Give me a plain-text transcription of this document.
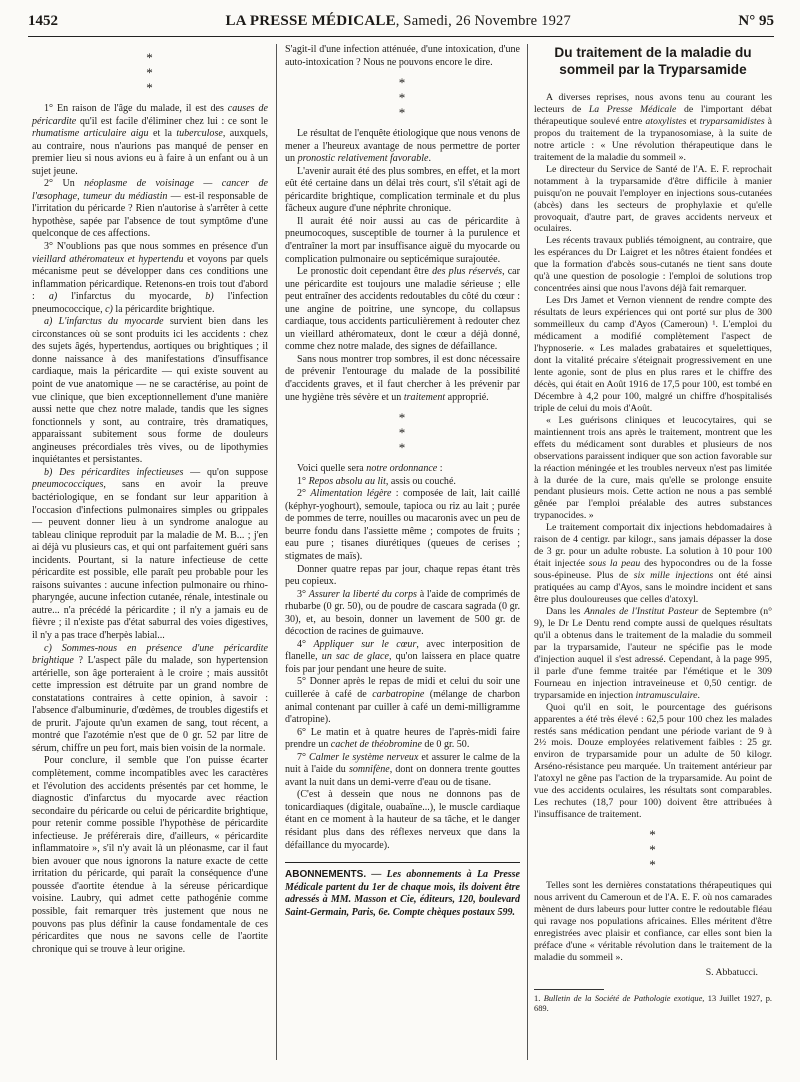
1452	LA PRESSE MÉDICALE, Samedi, 26 Novembre 1927	N° 95
*
*
*

1° En raison de l'âge du malade, il est des causes de péricardite qu'il est facile d'éliminer chez lui : ce sont le rhumatisme articulaire aigu et la tuberculose, auxquels, au contraire, nous n'aurions pas manqué de penser en premier lieu si nous avions eu à faire à un enfant ou à un sujet jeune.

2° Un néoplasme de voisinage — cancer de l'œsophage, tumeur du médiastin — est-il responsable de l'irritation du péricarde ? Rien n'autorise à s'arrêter à cette hypothèse, sapée par l'absence de tout symptôme d'une quelconque de ces affections.

3° N'oublions pas que nous sommes en présence d'un vieillard athéromateux et hypertendu et voyons par quels mécanisme peut se développer dans ces conditions une inflammation péricardique. Retenons-en trois tout d'abord : a) l'infarctus du myocarde, b) l'infection pneumococcique, c) la péricardite brightique.

a) L'infarctus du myocarde survient bien dans les circonstances où se sont produits ici les accidents : chez des sujets âgés, hypertendus, aortiques ou brightiques ; il donne naissance à des manifestations d'insuffisance cardiaque, mais la péricardite — qui existe souvent au point de vue anatomique — ne se caractérise, au point de vue clinique, que bien exceptionnellement d'une manière aussi nette que chez notre malade, tandis que les signes fonctionnels y sont, au contraire, très dramatiques, apparaissant subitement sous forme de douleurs angineuses précordiales très vives, ou de lipothymies inquiétantes et persistantes.

b) Des péricardites infectieuses — qu'on suppose pneumococciques, sans en avoir la preuve bactériologique, en se fondant sur leur apparition à l'occasion d'infections pulmonaires simples ou grippales — peuvent donner lieu à un syndrome analogue au tableau clinique reproduit par la maladie de M. B... ; j'en ai déjà vu plusieurs cas, et qui ont parfaitement guéri sans incidents. Pourtant, si la nature infectieuse de cette péricardite est possible, elle paraît peu probable pour les raisons suivantes : aucune infection pulmonaire ou rhino-pharyngée, aucune infection cutanée, rénale, intestinale ou autre... n'a précédé la péricardite ; il n'y a jamais eu de fièvre ; il n'existe pas d'état saburral des voies digestives, il n'y a pas trace d'herpès labial...

c) Sommes-nous en présence d'une péricardite brightique ? L'aspect pâle du malade, son hypertension artérielle, son âge porteraient à le croire ; mais aussitôt cette impression est détruite par un grand nombre de constatations contraires à cette opinion, à savoir : l'absence d'albuminurie, d'œdèmes, de troubles digestifs et de prurit. J'ajoute qu'un examen de sang, tout récent, a montré que l'azotémie n'est que de 0 gr. 52 par litre de sérum, chiffre un peu fort, mais bien voisin de la normale.

Pour conclure, il semble que l'on puisse écarter complètement, comme incompatibles avec les caractères et l'évolution des accidents présentés par cet homme, le diagnostic d'infarctus du myocarde avec réaction secondaire du péricarde ou celui de péricardite brightique, pour retenir comme possible l'hypothèse de péricardite infectieuse. Je préférerais dire, d'ailleurs, « péricardite inflammatoire », s'il n'y avait là un pléonasme, car il faut bien avouer que nous ignorons la nature exacte de cette irritation du péricarde, qui paraît la conséquence d'une poussée d'aortite étendue à la séreuse péricardique voisine. Laubry, qui admet cette pathogénie comme possible, fait remarquer très justement que nous ne pouvons pas plus définir la cause fondamentale de ces péricardites que nous ne savons celle de l'aortite chronique qui se trouve à leur origine.

S'agit-il d'une infection atténuée, d'une intoxication, d'une auto-intoxication ? Nous ne pouvons encore le dire.

*
*
*

Le résultat de l'enquête étiologique que nous venons de mener a l'heureux avantage de nous permettre de porter un pronostic relativement favorable.

L'avenir aurait été des plus sombres, en effet, et la mort eût été certaine dans un délai très court, s'il s'était agi de péricardite brightique, complication terminale et du plus fâcheux augure d'une néphrite chronique.

Il aurait été noir aussi au cas de péricardite à pneumocoques, susceptible de tourner à la purulence et d'entraîner la mort par insuffisance aiguë du myocarde ou complication pulmonaire ou septicémique surajoutée.

Le pronostic doit cependant être des plus réservés, car une péricardite est toujours une maladie sérieuse ; elle peut entraîner des accidents redoutables du côté du cœur : une angine de poitrine, une syncope, du collapsus cardiaque, tous accidents particulièrement à redouter chez un vieillard athéromateux, dont le cœur a déjà donné, comme chez notre malade, des signes de défaillance.

Sans nous montrer trop sombres, il est donc nécessaire de prévenir l'entourage du malade de la possibilité d'accidents graves, et il faut chercher à les prévenir par une hygiène très sévère et un traitement approprié.

*
*
*

Voici quelle sera notre ordonnance :

1° Repos absolu au lit, assis ou couché.

2° Alimentation légère : composée de lait, lait caillé (képhyr-yoghourt), semoule, tapioca ou riz au lait ; purée de pommes de terre, nouilles ou macaronis avec un peu de beurre fondu dans l'assiette même ; compotes de fruits ; eau pure ; tisanes diurétiques (queues de cerises ; stigmates de maïs).

Donner quatre repas par jour, chaque repas étant très peu copieux.

3° Assurer la liberté du corps à l'aide de comprimés de rhubarbe (0 gr. 50), ou de poudre de cascara sagrada (0 gr. 30), et, au besoin, donner un lavement de 500 gr. de décoction de racines de guimauve.

4° Appliquer sur le cœur, avec interposition de flanelle, un sac de glace, qu'on laissera en place quatre fois par jour pendant une heure de suite.

5° Donner après le repas de midi et celui du soir une cuillerée à café de carbatropine (mélange de charbon animal contenant par cuiller à café un demi-milligramme d'atropine).

6° Le matin et à quatre heures de l'après-midi faire prendre un cachet de théobromine de 0 gr. 50.

7° Calmer le système nerveux et assurer le calme de la nuit à l'aide du somnifène, dont on donnera trente gouttes avant la nuit dans un demi-verre d'eau ou de tisane.

(C'est à dessein que nous ne donnons pas de tonicardiaques (digitale, ouabaïne...), le muscle cardiaque étant en ce moment à la hauteur de sa tâche, et le danger résidant plus dans des réflexes nerveux que dans la défaillance du myocarde).

ABONNEMENTS. — Les abonnements à La Presse Médicale partent du 1er de chaque mois, ils doivent être adressés à MM. Masson et Cie, éditeurs, 120, boulevard Saint-Germain, Paris, 6e. Compte chèques postaux 599.

Du traitement de la maladie du sommeil par la Tryparsamide

A diverses reprises, nous avons tenu au courant les lecteurs de La Presse Médicale de l'important débat thérapeutique soulevé entre atoxylistes et tryparsamidistes à propos du traitement de la trypanosomiase, à la suite de notre article : « Une révolution thérapeutique dans le traitement de la maladie du sommeil ».

Le directeur du Service de Santé de l'A. E. F. reprochait notamment à la tryparsamide d'être difficile à manier puisqu'on ne pouvait l'employer en injections sous-cutanées (abcès) dans les secteurs de prophylaxie et qu'elle provoquait, d'autre part, de graves accidents nerveux et oculaires.

Les récents travaux publiés témoignent, au contraire, que les espérances du Dr Laigret et les nôtres étaient fondées et que la formation d'abcès sous-cutanés ne tient sans doute qu'à une question de posologie : l'emploi de solutions trop concentrées ainsi que nous l'avons déjà fait remarquer.

Les Drs Jamet et Vernon viennent de rendre compte des résultats de leurs expériences qui ont porté sur plus de 300 sommeilleux du camp d'Ayos (Cameroun) ¹. L'emploi du médicament a modifié complètement l'aspect de l'hypnoserie. « Les malades grabataires et squelettiques, dont la vitalité précaire s'éteignait progressivement en une lente agonie, sont de plus en plus rares et le chiffre des décès, qui était en Août 1916 de 17,5 pour 100, est tombé en Décembre à 4,2 pour 100, malgré un chiffre d'hospitalisés triple de celui du mois d'Août.

« Les guérisons cliniques et leucocytaires, qui se maintiennent trois ans après le traitement, montrent que les effets du médicament sont durables et plusieurs de nos observations paraissent indiquer que son action favorable sur la réaction méningée et les troubles nerveux n'est pas limitée à la durée de la cure, mais qu'elle se prolonge ensuite pendant plusieurs mois. Cette action ne nous a pas semblé gênée par l'emploi préalable des autres substances trypanocides. »

Le traitement comportait dix injections hebdomadaires à raison de 4 centigr. par kilogr., sans jamais dépasser la dose de 3 gr. pour un adulte robuste. La solution à 10 pour 100 était injectée sous la peau des hypocondres ou de la fosse sous-épineuse. Plus de six mille injections ont été ainsi pratiquées au camp d'Ayos, sans le moindre incident et sans être plus douloureuses que celles d'atoxyl.

Dans les Annales de l'Institut Pasteur de Septembre (n° 9), le Dr Le Dentu rend compte aussi de quelques résultats qu'il a obtenus dans le traitement de la maladie du sommeil par la tryparsamide, l'auteur ne spécifie pas le mode d'injection auquel il s'est adressé. Cependant, à la page 995, il parle d'une femme traitée par l'émétique et le 309 Fourneau en injection intraveineuse et 0,50 centigr. de tryparsamide en injection intramusculaire.

Quoi qu'il en soit, le pourcentage des guérisons apparentes a été très élevé : 62,5 pour 100 chez les malades restés sans médication pendant une période variant de 9 à 2½ mois. Douze employées relativement faibles : 25 gr. environ de tryparsamide pour un adulte de 50 kilogr. Arséno-résistance peu marquée. Un traitement antérieur par l'atoxyl ne gêne pas l'action de la tryparsamide. Au point de vue des accidents oculaires, les résultats sont comparables. Les rechutes (18,7 pour 100) doivent être attribuées à l'insuffisance de traitement.

*
*
*

Telles sont les dernières constatations thérapeutiques qui nous arrivent du Cameroun et de l'A. E. F. où nos camarades mènent de durs labeurs pour lutter contre le redoutable fléau qui ravage nos populations africaines. Elles méritent d'être enregistrées avec plaisir et confiance, car elles sont bien la préface d'une « véritable révolution dans le traitement de la maladie du sommeil ».

S. Abbatucci.

1. Bulletin de la Société de Pathologie exotique, 13 Juillet 1927, p. 689.
